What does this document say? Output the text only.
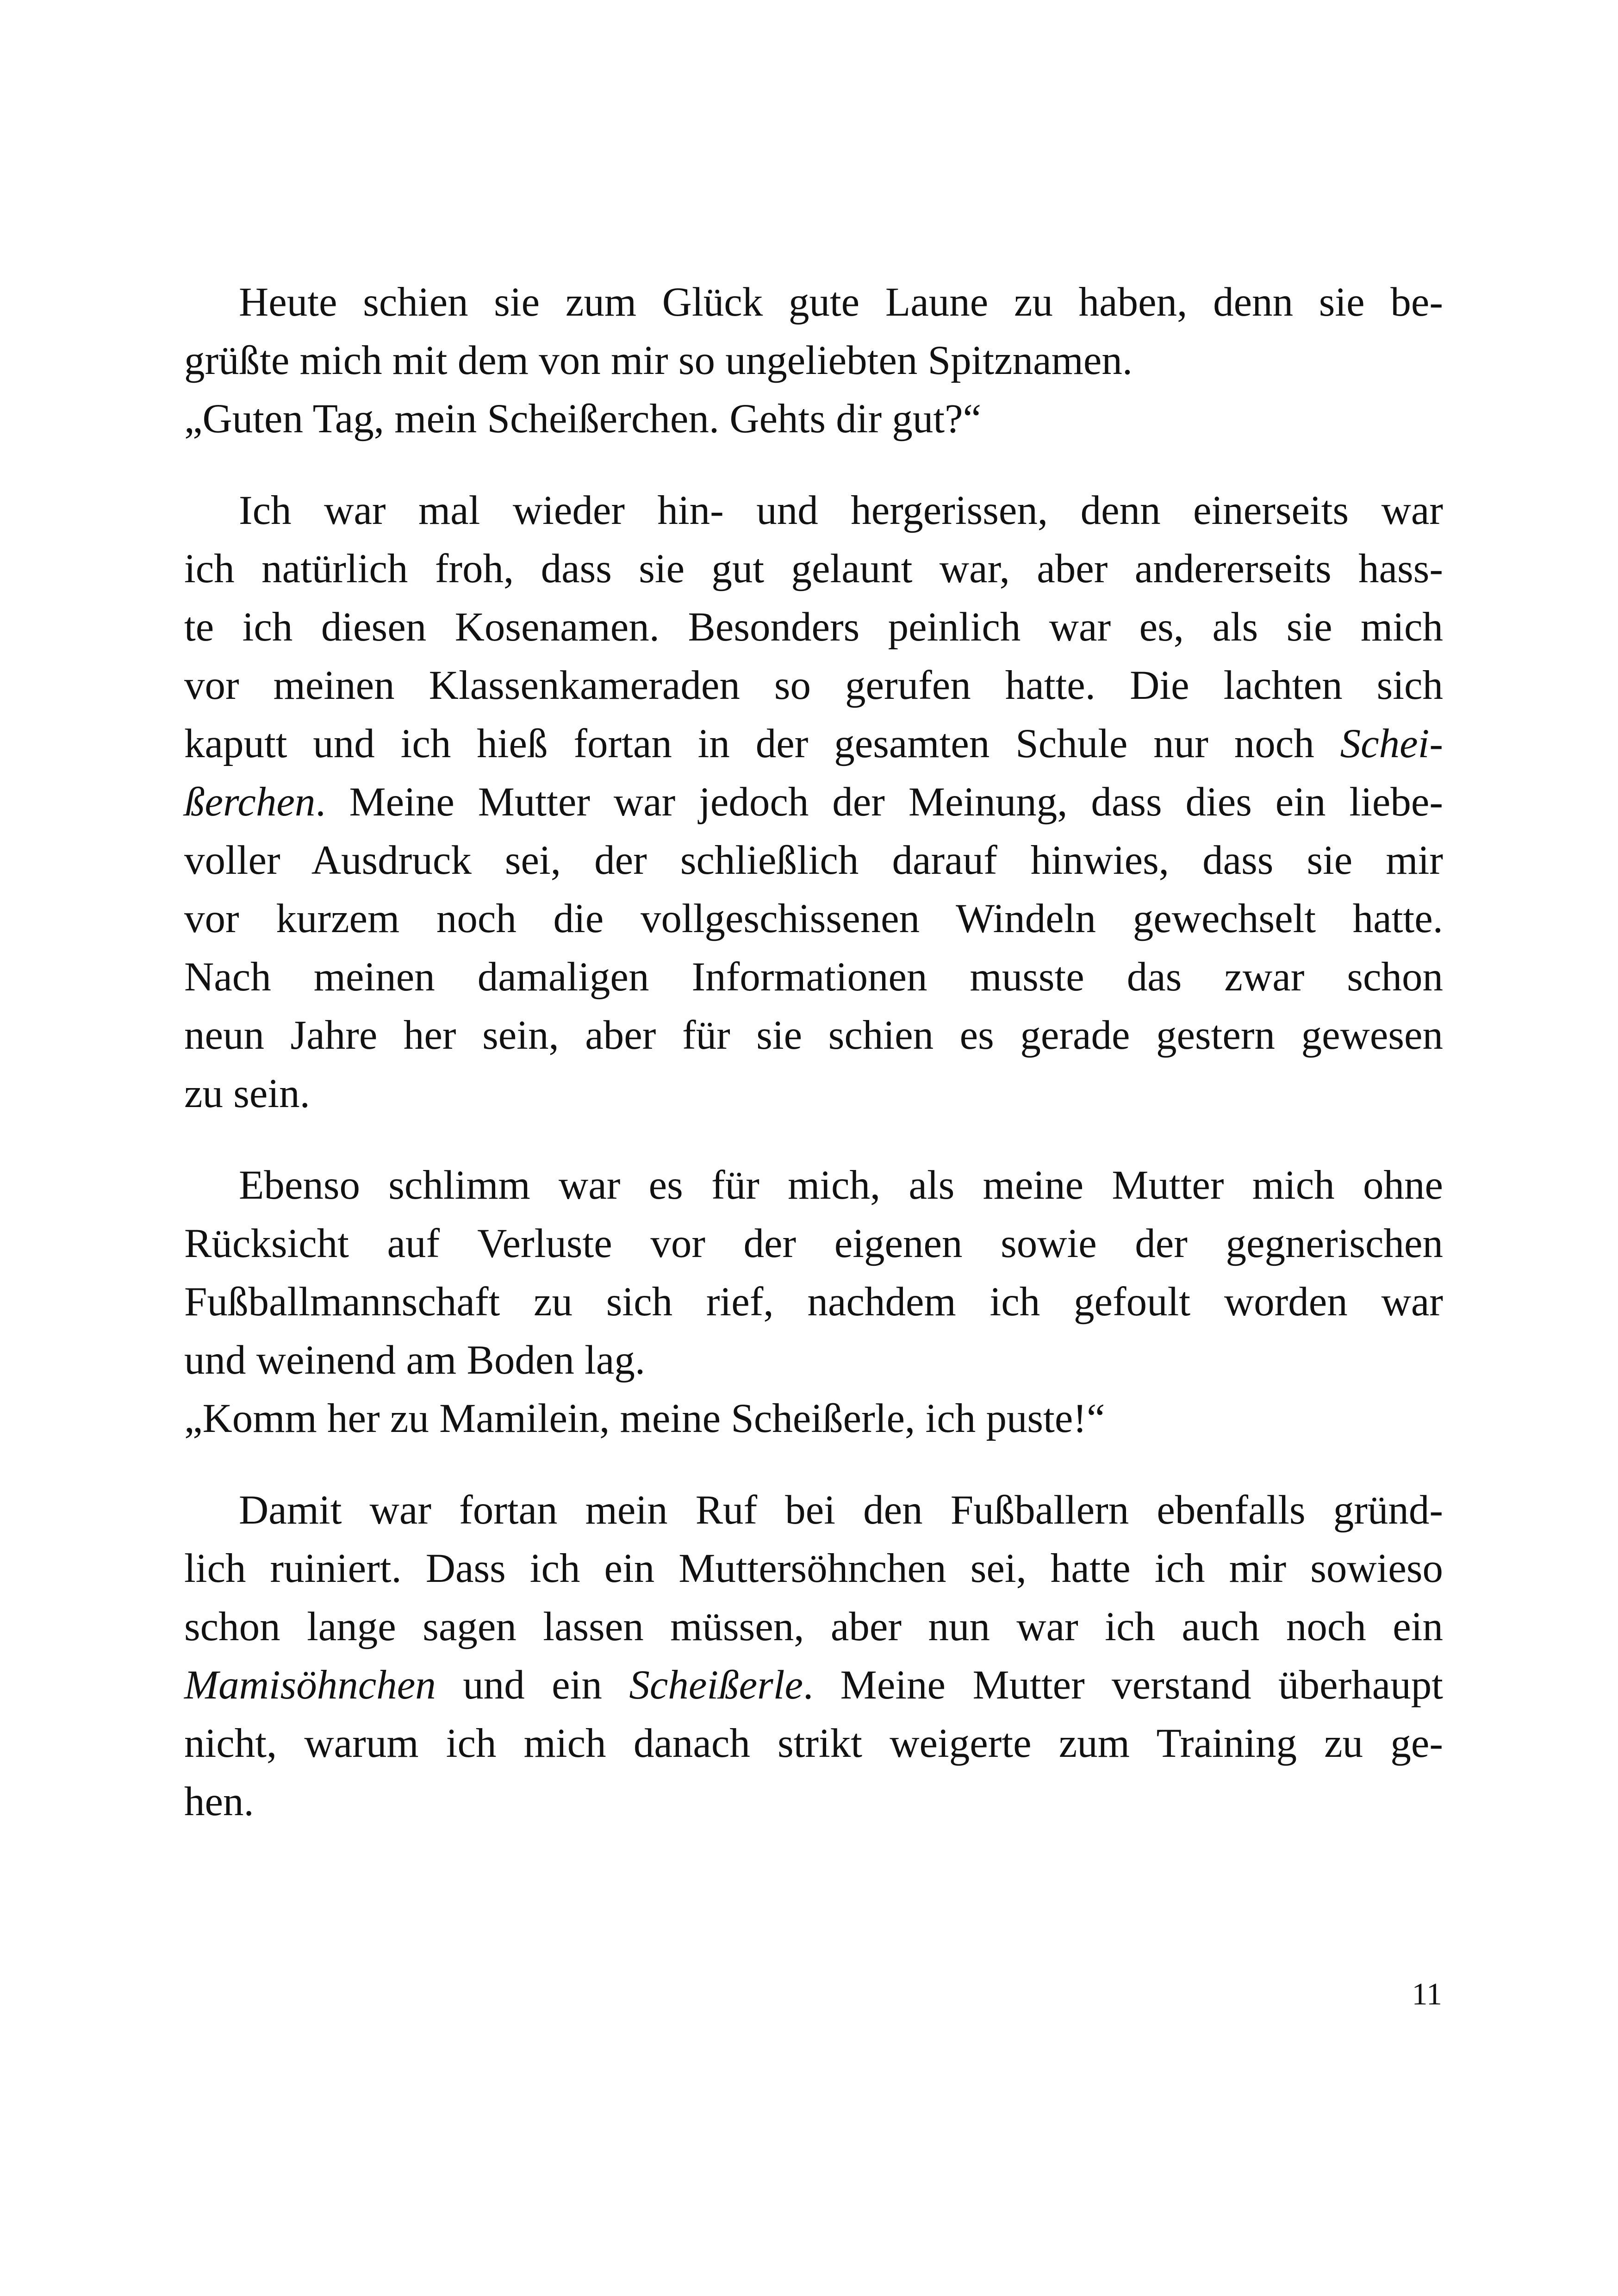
Heute schien sie zum Glück gute Laune zu haben, denn sie be-
grüßte mich mit dem von mir so ungeliebten Spitznamen.
„Guten Tag, mein Scheißerchen. Gehts dir gut?“
Ich war mal wieder hin- und hergerissen, denn einerseits war
ich natürlich froh, dass sie gut gelaunt war, aber andererseits hass-
te ich diesen Kosenamen. Besonders peinlich war es, als sie mich
vor meinen Klassenkameraden so gerufen hatte. Die lachten sich
kaputt und ich hieß fortan in der gesamten Schule nur noch Schei-
ßerchen. Meine Mutter war jedoch der Meinung, dass dies ein liebe-
voller Ausdruck sei, der schließlich darauf hinwies, dass sie mir
vor kurzem noch die vollgeschissenen Windeln gewechselt hatte.
Nach meinen damaligen Informationen musste das zwar schon
neun Jahre her sein, aber für sie schien es gerade gestern gewesen
zu sein.
Ebenso schlimm war es für mich, als meine Mutter mich ohne
Rücksicht auf Verluste vor der eigenen sowie der gegnerischen
Fußballmannschaft zu sich rief, nachdem ich gefoult worden war
und weinend am Boden lag.
„Komm her zu Mamilein, meine Scheißerle, ich puste!“
Damit war fortan mein Ruf bei den Fußballern ebenfalls gründ-
lich ruiniert. Dass ich ein Muttersöhnchen sei, hatte ich mir sowieso
schon lange sagen lassen müssen, aber nun war ich auch noch ein
Mamisöhnchen und ein Scheißerle. Meine Mutter verstand überhaupt
nicht, warum ich mich danach strikt weigerte zum Training zu ge-
hen.
11
